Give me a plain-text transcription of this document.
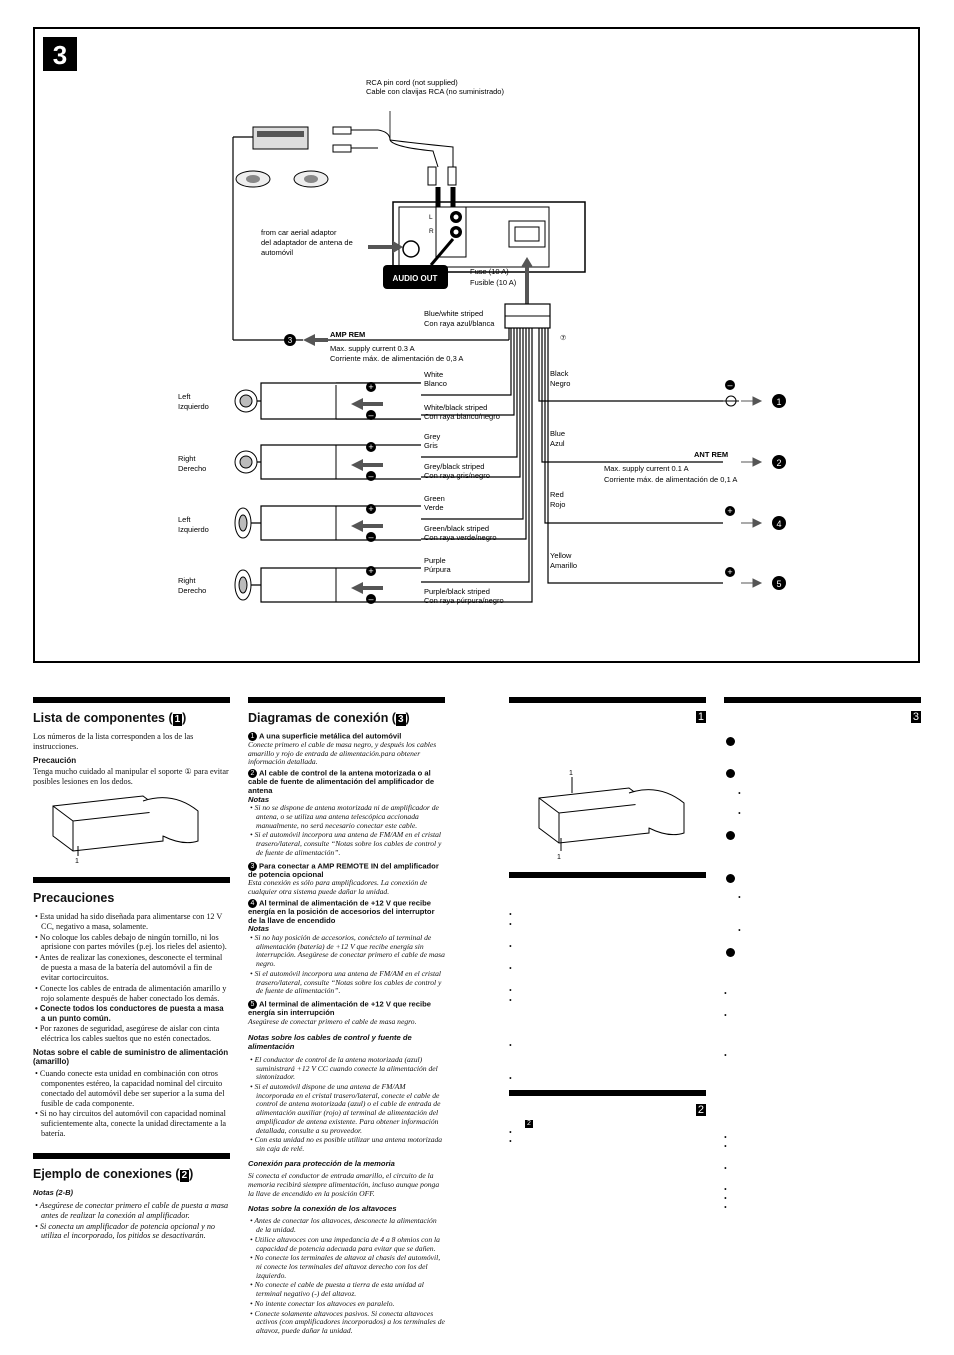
3
RCA pin cord (not supplied)
Cable con clavijas RCA (no suministrado)
L
R
from car aerial adaptor
del adaptador de antena de
automóvil
AUDIO OUT
Fuse (10 A)
Fusible (10 A)
Blue/white striped
Con raya azul/blanca
⑦
3
AMP REM
Max. supply current 0.3 A
Corriente máx. de alimentación de 0,3 A
+
–
+
–
+
–
+
–
Left
Izquierdo
Right
Derecho
Left
Izquierdo
Right
Derecho
White
Blanco
White/black striped
Con raya blanco/negro
Grey
Gris
Grey/black striped
Con raya gris/negro
Green
Verde
Green/black striped
Con raya verde/negro
Purple
Púrpura
Purple/black striped
Con raya púrpura/negro
Black
Negro
Blue
Azul
ANT REM
Max. supply current 0.1 A
Corriente máx. de alimentación de 0,1 A
Red
Rojo
Yellow
Amarillo
–
1
2
+
4
+
5
Lista de componentes ( 1 )

Los números de la lista corresponden a los de las instrucciones.

Precaución

Tenga mucho cuidado al manipular el soporte ① para evitar posibles lesiones en los dedos.

1
Precauciones
• Esta unidad ha sido diseñada para alimentarse con 12 V CC, negativo a masa, solamente.
• No coloque los cables debajo de ningún tornillo, ni los aprisione con partes móviles (p.ej. los rieles del asiento).
• Antes de realizar las conexiones, desconecte el terminal de puesta a masa de la batería del automóvil a fin de evitar cortocircuitos.
• Conecte los cables de entrada de alimentación amarillo y rojo solamente después de haber conectado los demás.
• Conecte todos los conductores de puesta a masa a un punto común.
• Por razones de seguridad, asegúrese de aislar con cinta eléctrica los cables sueltos que no estén conectados.
Notas sobre el cable de suministro de alimentación (amarillo)
• Cuando conecte esta unidad en combinación con otros componentes estéreo, la capacidad nominal del circuito conectado del automóvil debe ser superior a la suma del fusible de cada componente.
• Si no hay circuitos del automóvil con capacidad nominal suficientemente alta, conecte la unidad directamente a la batería.
Ejemplo de conexiones ( 2 )

Notas (2-B)

• Asegúrese de conectar primero el cable de puesta a masa antes de realizar la conexión al amplificador.
• Si conecta un amplificador de potencia opcional y no utiliza el incorporado, los pitidos se desactivarán.
Diagramas de conexión ( 3 )
1 A una superficie metálica del automóvil
Conecte primero el cable de masa negro, y después los cables amarillo y rojo de entrada de alimentación.para obtener información detallada.
2 Al cable de control de la antena motorizada o al cable de fuente de alimentación del amplificador de antena
Notas
• Si no se dispone de antena motorizada ni de amplificador de antena, o se utiliza una antena telescópica accionada manualmente, no será necesario conectar este cable.
• Si el automóvil incorpora una antena de FM/AM en el cristal trasero/lateral, consulte “Notas sobre los cables de control y de fuente de alimentación”.
3 Para conectar a AMP REMOTE IN del amplificador de potencia opcional
Esta conexión es sólo para amplificadores. La conexión de cualquier otra sistema puede dañar la unidad.
4 Al terminal de alimentación de +12 V que recibe energía en la posición de accesorios del interruptor de la llave de encendido
Notas
• Si no hay posición de accesorios, conéctelo al terminal de alimentación (batería) de +12 V que recibe energía sin interrupción. Asegúrese de conectar primero el cable de masa negro.
• Si el automóvil incorpora una antena de FM/AM en el cristal trasero/lateral, consulte “Notas sobre los cables de control y de fuente de alimentación”.
5 Al terminal de alimentación de +12 V que recibe energía sin interrupción
Asegúrese de conectar primero el cable de masa negro.

Notas sobre los cables de control y fuente de alimentación

• El conductor de control de la antena motorizada (azul) suministrará +12 V CC cuando conecte la alimentación del sintonizador.
• Si el automóvil dispone de una antena de FM/AM incorporada en el cristal trasero/lateral, conecte el cable de control de antena motorizada (azul) o el cable de entrada de alimentación auxiliar (rojo) al terminal de alimentación del amplificador de antena existente. Para obtener información detallada, consulte a su proveedor.
• Con esta unidad no es posible utilizar una antena motorizada sin caja de relé.

Conexión para protección de la memoria

Si conecta el conductor de entrada amarillo, el circuito de la memoria recibirá siempre alimentación, incluso aunque ponga la llave de encendido en la posición OFF.

Notas sobre la conexión de los altavoces

• Antes de conectar los altavoces, desconecte la alimentación de la unidad.
• Utilice altavoces con una impedancia de 4 a 8 ohmios con la capacidad de potencia adecuada para evitar que se dañen.
• No conecte los terminales de altavoz al chasis del automóvil, ni conecte los terminales del altavoz derecho con los del izquierdo.
• No conecte el cable de puesta a tierra de esta unidad al terminal negativo (-) del altavoz.
• No intente conectar los altavoces en paralelo.
• Conecte solamente altavoces pasivos. Si conecta altavoces activos (con amplificadores incorporados) a los terminales de altavoz, puede dañar la unidad.
1
1
1
•
•
•
•
•
•
•
•
2
2
•
•
3
•
•
•
•
•
•
•
•
•
•
•
•
•
